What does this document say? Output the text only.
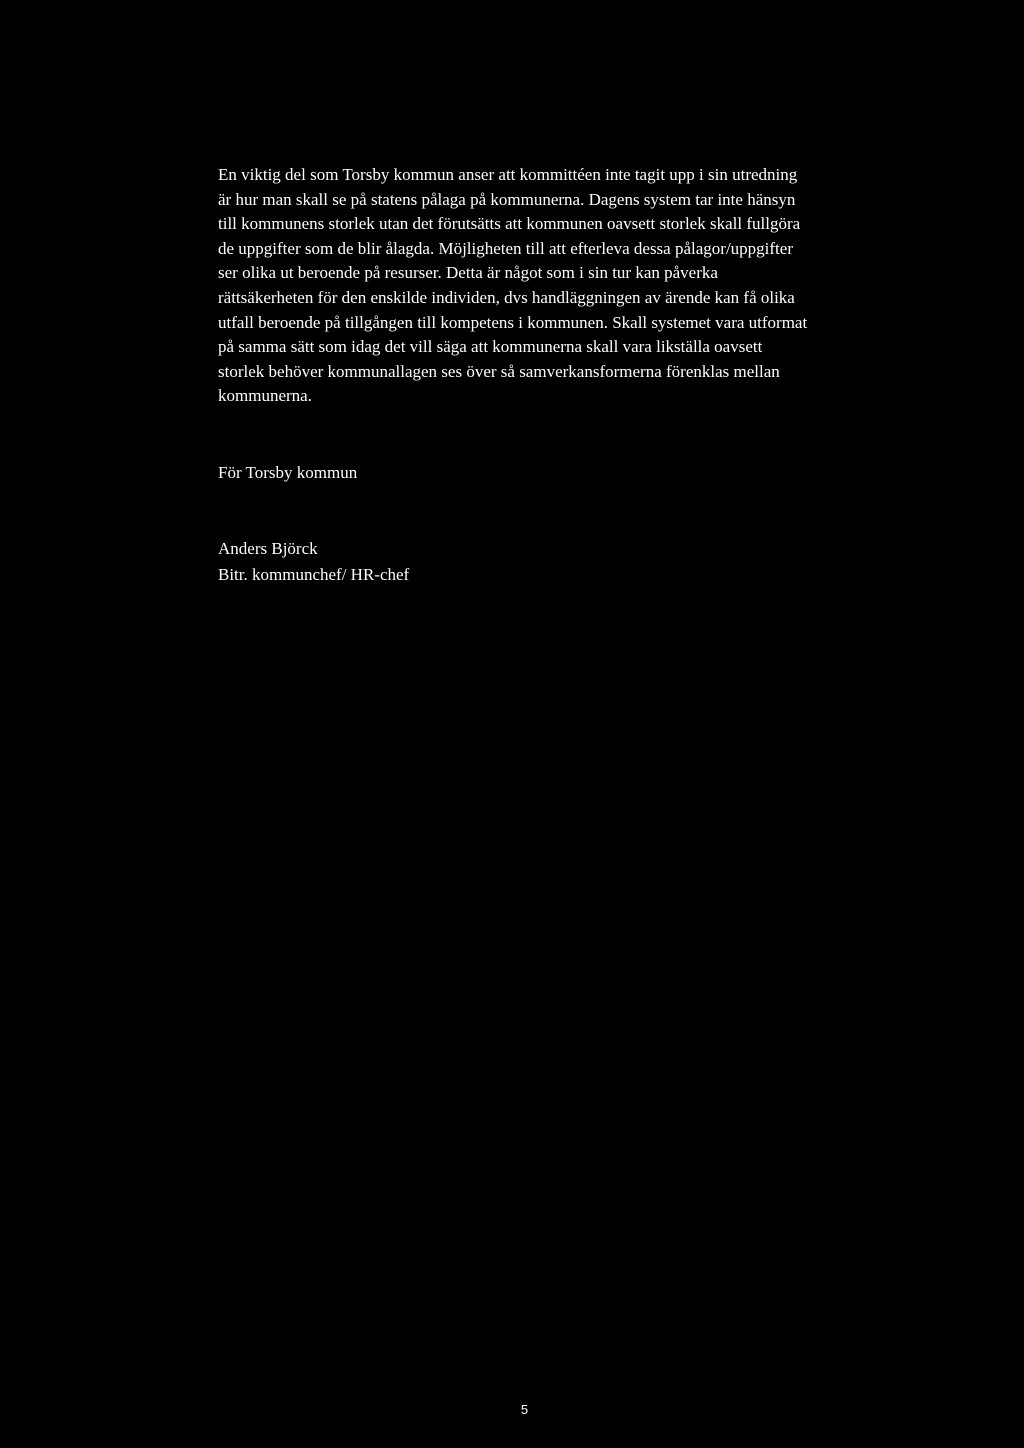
En viktig del som Torsby kommun anser att kommittéen inte tagit upp i sin utredning
är hur man skall se på statens pålaga på kommunerna. Dagens system tar inte hänsyn
till kommunens storlek utan det förutsätts att kommunen oavsett storlek skall fullgöra
de uppgifter som de blir ålagda. Möjligheten till att efterleva dessa pålagor/uppgifter
ser olika ut beroende på resurser. Detta är något som i sin tur kan påverka
rättsäkerheten för den enskilde individen, dvs handläggningen av ärende kan få olika
utfall beroende på tillgången till kompetens i kommunen. Skall systemet vara utformat
på samma sätt som idag det vill säga att kommunerna skall vara likställa oavsett
storlek behöver kommunallagen ses över så samverkansformerna förenklas mellan
kommunerna.

För Torsby kommun

Anders Björck

Bitr. kommunchef/ HR-chef

5
